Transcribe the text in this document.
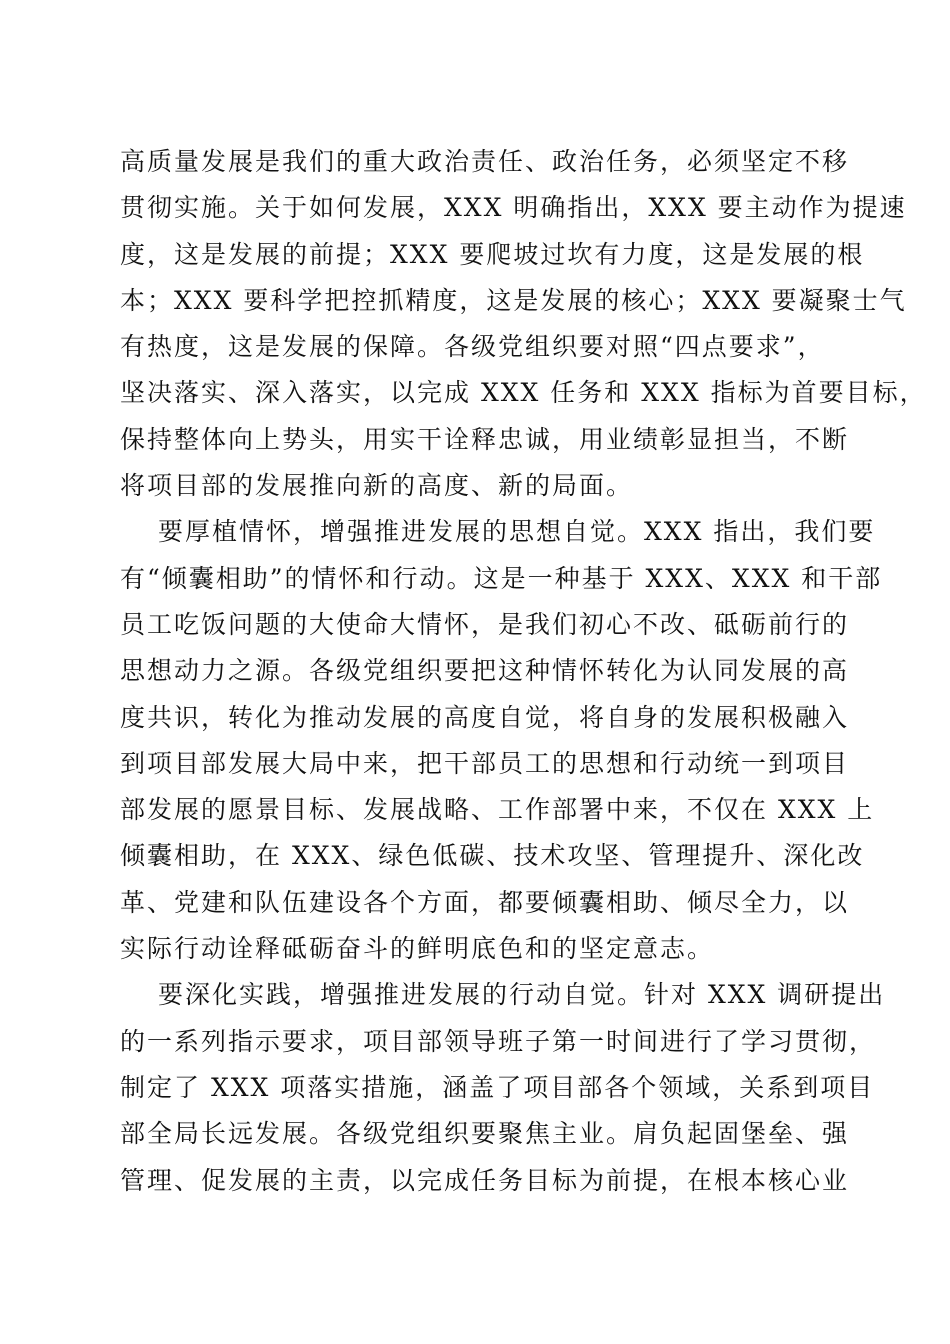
高质量发展是我们的重大政治责任、政治任务，必须坚定不移
贯彻实施。关于如何发展，XXX 明确指出，XXX 要主动作为提速
度，这是发展的前提；XXX 要爬坡过坎有力度，这是发展的根
本；XXX 要科学把控抓精度，这是发展的核心；XXX 要凝聚士气
有热度，这是发展的保障。各级党组织要对照“四点要求”，
坚决落实、深入落实，以完成 XXX 任务和 XXX 指标为首要目标，
保持整体向上势头，用实干诠释忠诚，用业绩彰显担当，不断
将项目部的发展推向新的高度、新的局面。
要厚植情怀，增强推进发展的思想自觉。XXX 指出，我们要
有“倾囊相助”的情怀和行动。这是一种基于 XXX、XXX 和干部
员工吃饭问题的大使命大情怀，是我们初心不改、砥砺前行的
思想动力之源。各级党组织要把这种情怀转化为认同发展的高
度共识，转化为推动发展的高度自觉，将自身的发展积极融入
到项目部发展大局中来，把干部员工的思想和行动统一到项目
部发展的愿景目标、发展战略、工作部署中来，不仅在 XXX 上
倾囊相助，在 XXX、绿色低碳、技术攻坚、管理提升、深化改
革、党建和队伍建设各个方面，都要倾囊相助、倾尽全力，以
实际行动诠释砥砺奋斗的鲜明底色和的坚定意志。
要深化实践，增强推进发展的行动自觉。针对 XXX 调研提出
的一系列指示要求，项目部领导班子第一时间进行了学习贯彻，
制定了 XXX 项落实措施，涵盖了项目部各个领域，关系到项目
部全局长远发展。各级党组织要聚焦主业。肩负起固堡垒、强
管理、促发展的主责，以完成任务目标为前提，在根本核心业
